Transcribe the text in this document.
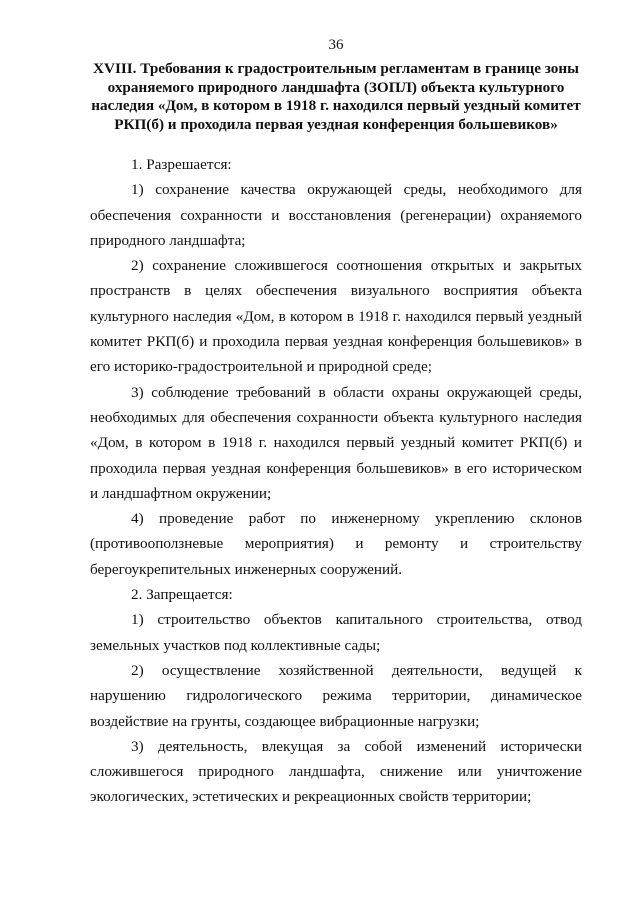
36
XVIII. Требования к градостроительным регламентам в границе зоны охраняемого природного ландшафта (ЗОПЛ) объекта культурного наследия «Дом, в котором в 1918 г. находился первый уездный комитет РКП(б) и проходила первая уездная конференция большевиков»

1. Разрешается:

1) сохранение качества окружающей среды, необходимого для обеспечения сохранности и восстановления (регенерации) охраняемого природного ландшафта;

2) сохранение сложившегося соотношения открытых и закрытых пространств в целях обеспечения визуального восприятия объекта культурного наследия «Дом, в котором в 1918 г. находился первый уездный комитет РКП(б) и проходила первая уездная конференция большевиков» в его историко-градостроительной и природной среде;

3) соблюдение требований в области охраны окружающей среды, необходимых для обеспечения сохранности объекта культурного наследия «Дом, в котором в 1918 г. находился первый уездный комитет РКП(б) и проходила первая уездная конференция большевиков» в его историческом и ландшафтном окружении;

4) проведение работ по инженерному укреплению склонов (противооползневые мероприятия) и ремонту и строительству берегоукрепительных инженерных сооружений.

2. Запрещается:

1) строительство объектов капитального строительства, отвод земельных участков под коллективные сады;

2) осуществление хозяйственной деятельности, ведущей к нарушению гидрологического режима территории, динамическое воздействие на грунты, создающее вибрационные нагрузки;

3) деятельность, влекущая за собой изменений исторически сложившегося природного ландшафта, снижение или уничтожение экологических, эстетических и рекреационных свойств территории;
